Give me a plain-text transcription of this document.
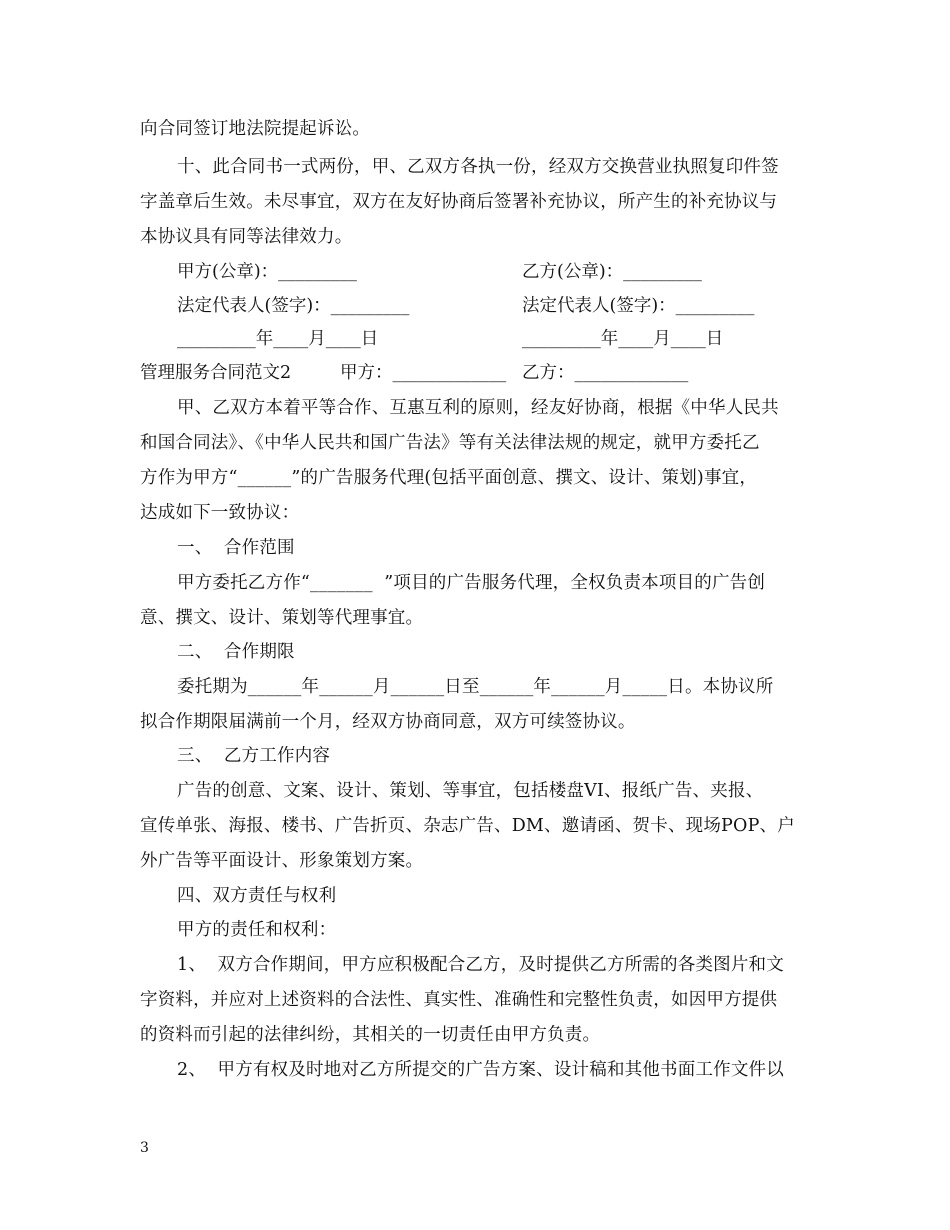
向合同签订地法院提起诉讼。
十、此合同书一式两份，甲、乙双方各执一份，经双方交换营业执照复印件签
字盖章后生效。未尽事宜，双方在友好协商后签署补充协议，所产生的补充协议与
本协议具有同等法律效力。
甲方(公章)：_________	乙方(公章)：_________
法定代表人(签字)：_________	法定代表人(签字)：_________
_________年____月____日	_________年____月____日
管理服务合同范文2	甲方：_____________ 乙方：_____________
甲、乙双方本着平等合作、互惠互利的原则，经友好协商，根据《中华人民共
和国合同法》、《中华人民共和国广告法》等有关法律法规的规定，就甲方委托乙
方作为甲方“______”的广告服务代理(包括平面创意、撰文、设计、策划)事宜，
达成如下一致协议：
一、  合作范围
甲方委托乙方作“_______  ”项目的广告服务代理，全权负责本项目的广告创
意、撰文、设计、策划等代理事宜。
二、  合作期限
委托期为______年______月______日至______年______月_____日。本协议所
拟合作期限届满前一个月，经双方协商同意，双方可续签协议。
三、  乙方工作内容
广告的创意、文案、设计、策划、等事宜，包括楼盘VI、报纸广告、夹报、
宣传单张、海报、楼书、广告折页、杂志广告、DM、邀请函、贺卡、现场POP、户
外广告等平面设计、形象策划方案。
四、双方责任与权利
甲方的责任和权利：
1、  双方合作期间，甲方应积极配合乙方，及时提供乙方所需的各类图片和文
字资料，并应对上述资料的合法性、真实性、准确性和完整性负责，如因甲方提供
的资料而引起的法律纠纷，其相关的一切责任由甲方负责。
2、  甲方有权及时地对乙方所提交的广告方案、设计稿和其他书面工作文件以
3
